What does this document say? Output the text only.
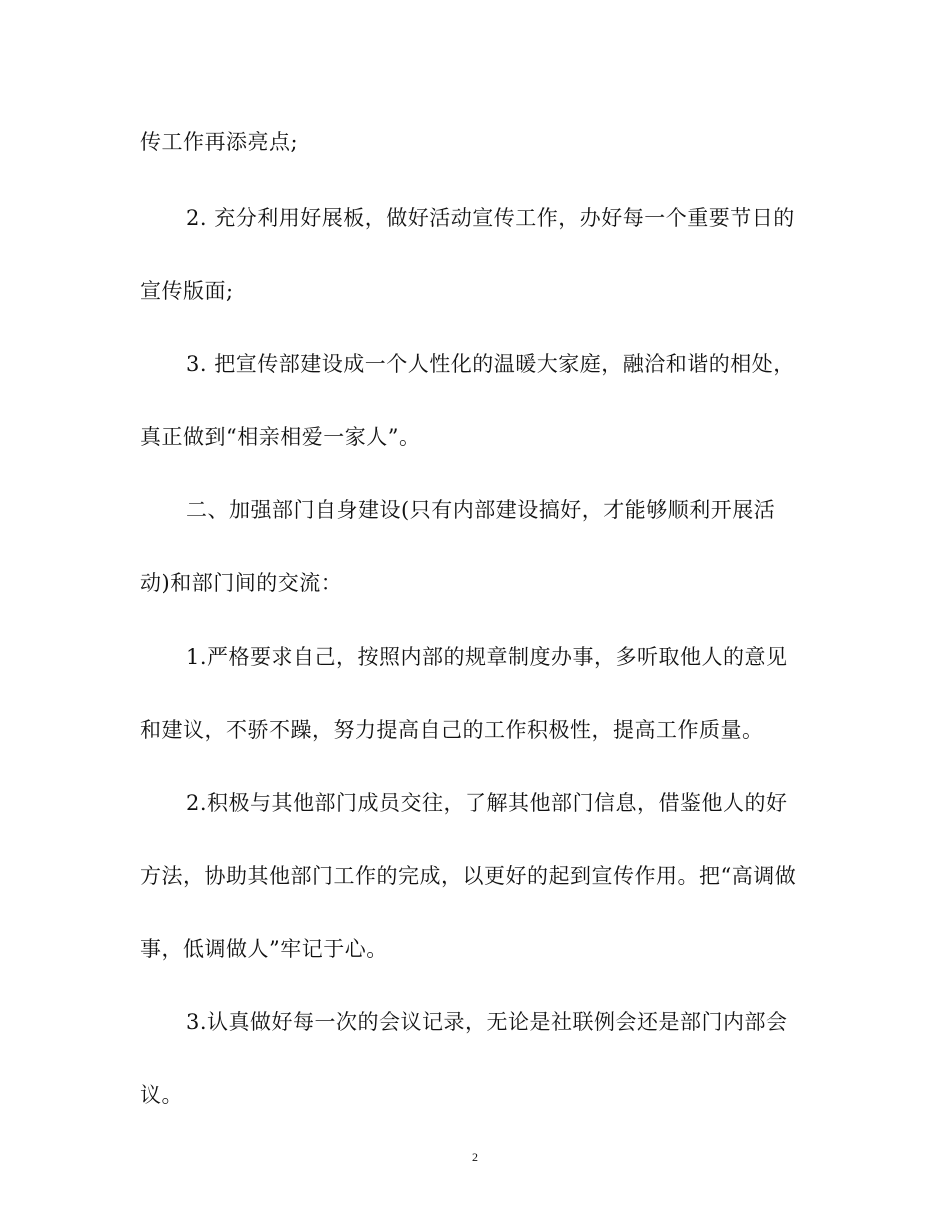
传工作再添亮点;
2. 充分利用好展板，做好活动宣传工作，办好每一个重要节日的
宣传版面;
3. 把宣传部建设成一个人性化的温暖大家庭，融洽和谐的相处，
真正做到“相亲相爱一家人”。
二、加强部门自身建设(只有内部建设搞好，才能够顺利开展活
动)和部门间的交流：
1.严格要求自己，按照内部的规章制度办事，多听取他人的意见
和建议，不骄不躁，努力提高自己的工作积极性，提高工作质量。
2.积极与其他部门成员交往，了解其他部门信息，借鉴他人的好
方法，协助其他部门工作的完成，以更好的起到宣传作用。把“高调做
事，低调做人”牢记于心。
3.认真做好每一次的会议记录，无论是社联例会还是部门内部会
议。
2
